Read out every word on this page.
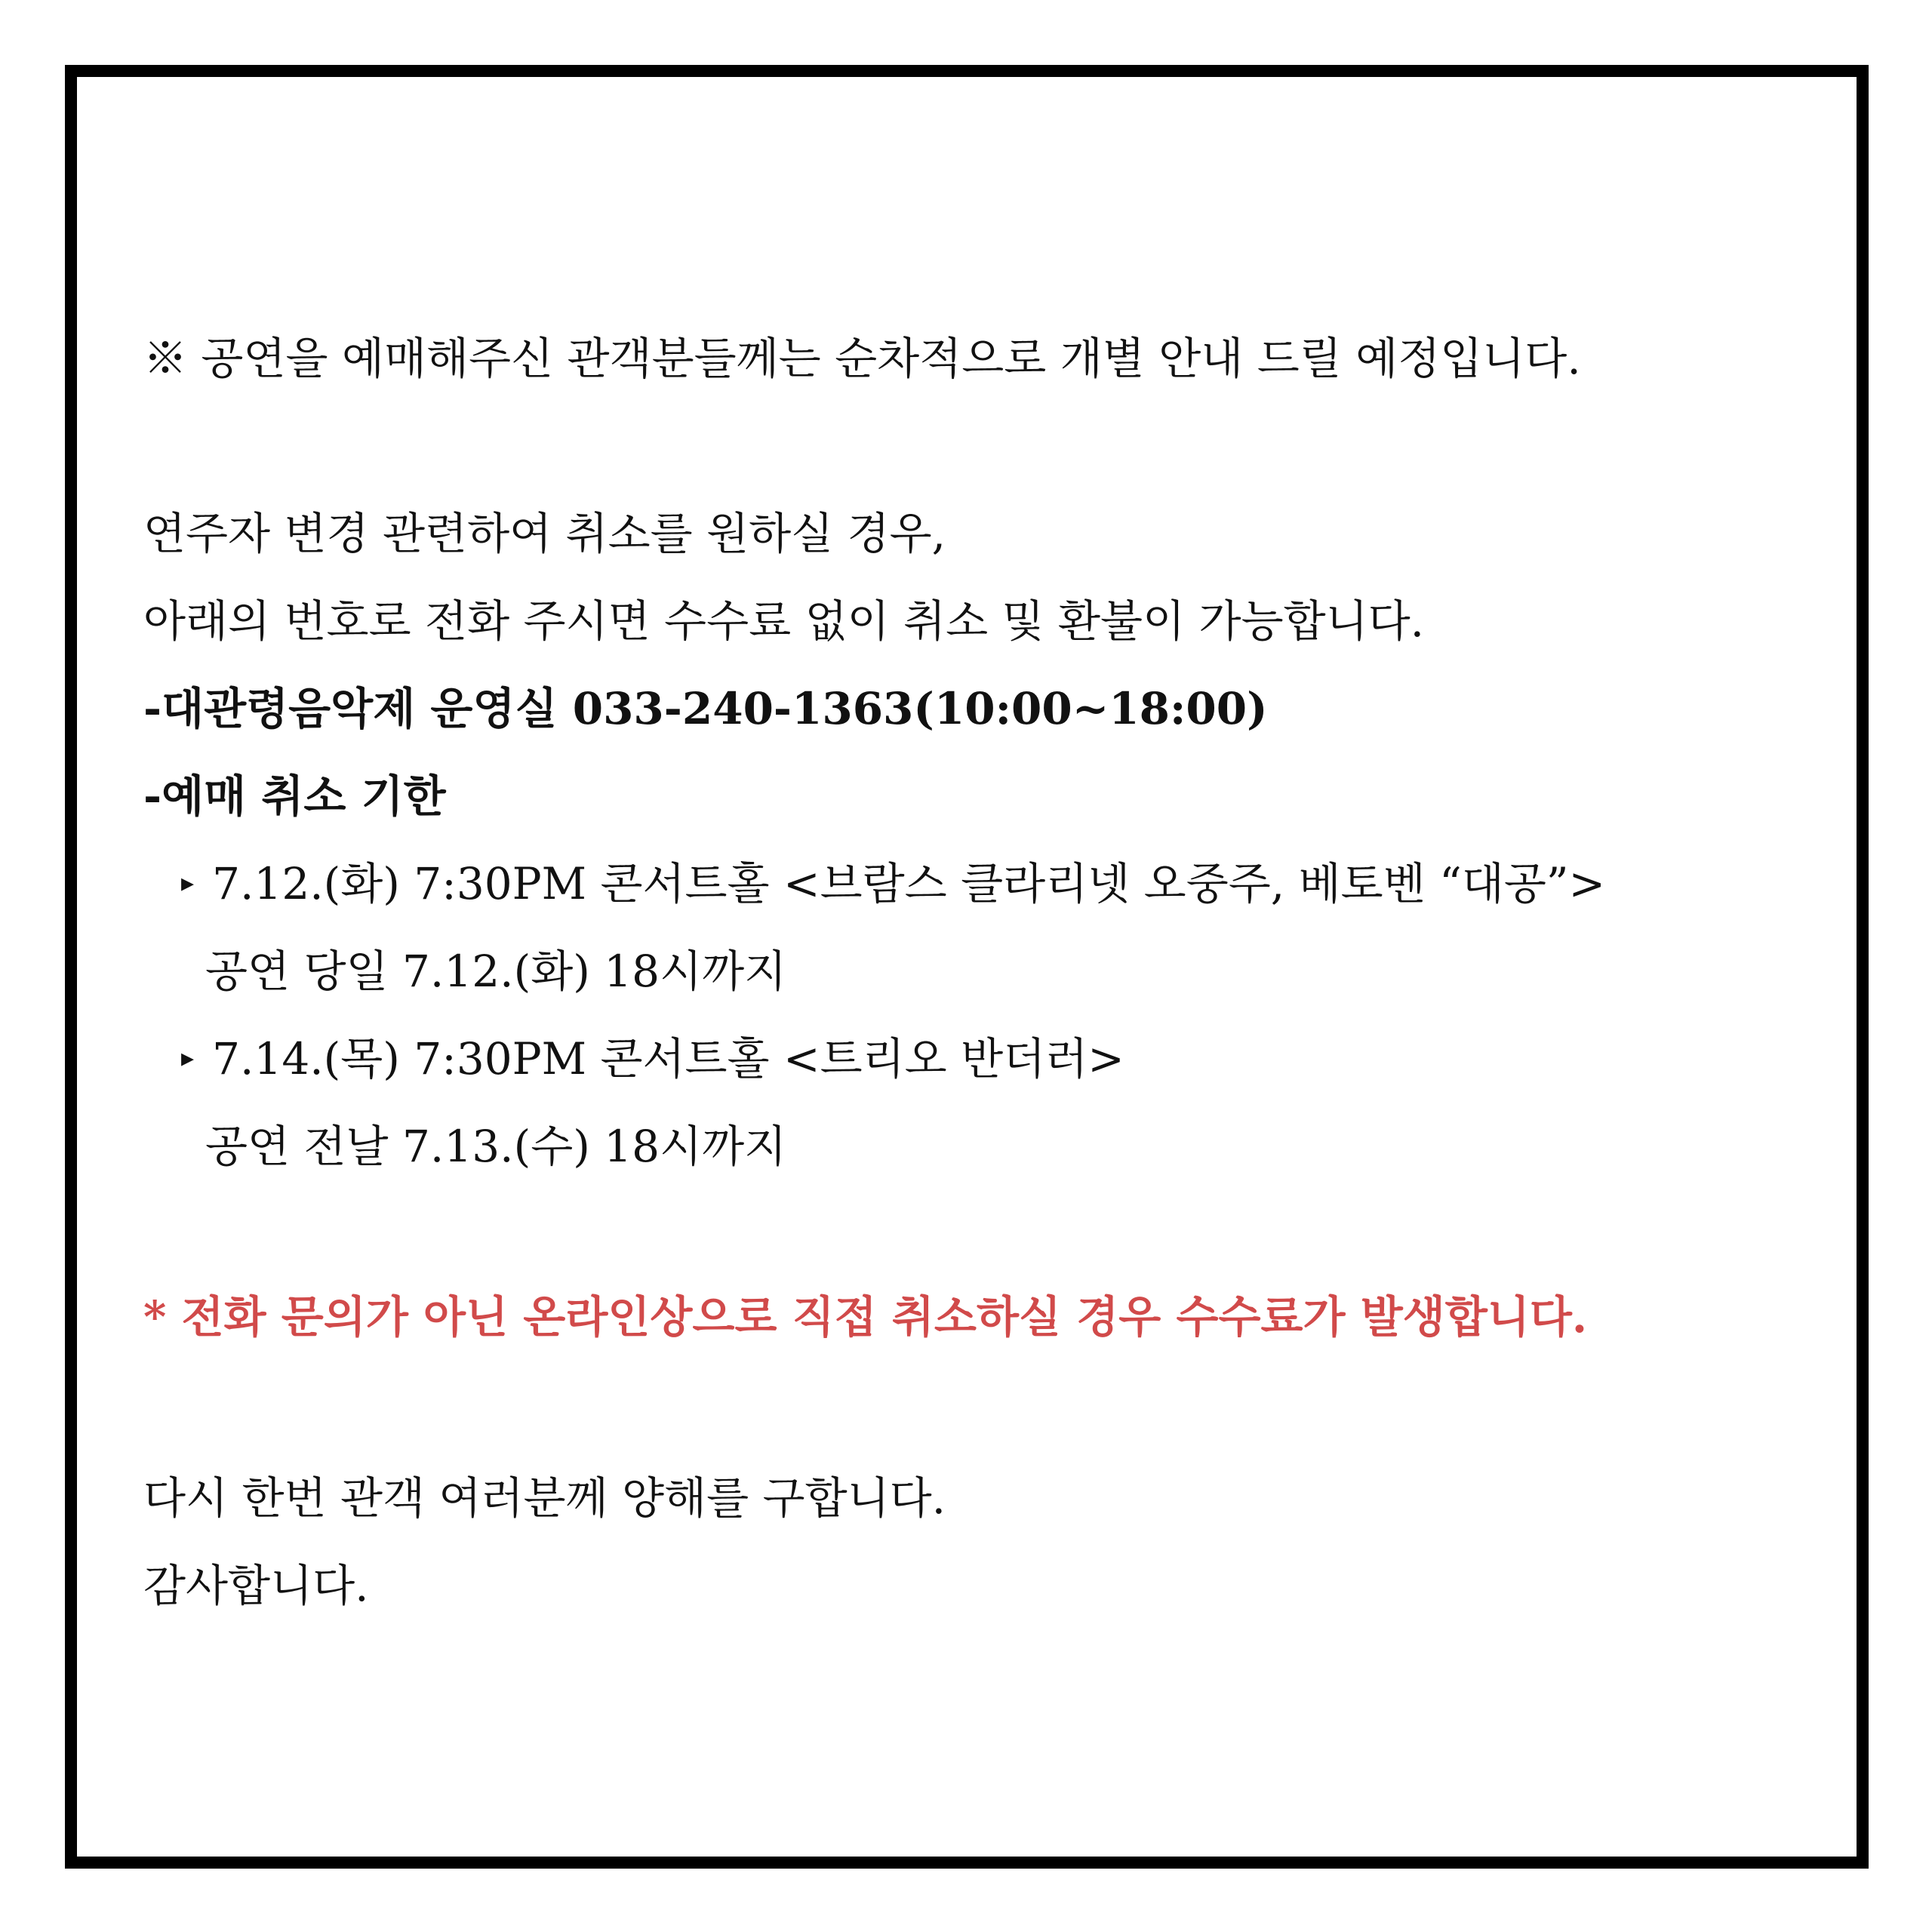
※ 공연을 예매해주신 관객분들께는 순차적으로 개별 안내 드릴 예정입니다.
연주자 변경 관련하여 취소를 원하실 경우,
아래의 번호로 전화 주시면 수수료 없이 취소 및 환불이 가능합니다.
-대관령음악제 운영실 033-240-1363(10:00~18:00)
-예매 취소 기한
▸ 7.12.(화) 7:30PM 콘서트홀 <브람스 클라리넷 오중주, 베토벤 “대공”>
공연 당일 7.12.(화) 18시까지
▸ 7.14.(목) 7:30PM 콘서트홀 <트리오 반더러>
공연 전날 7.13.(수) 18시까지
* 전화 문의가 아닌 온라인상으로 직접 취소하실 경우 수수료가 발생합니다.
다시 한번 관객 여러분께 양해를 구합니다.
감사합니다.
